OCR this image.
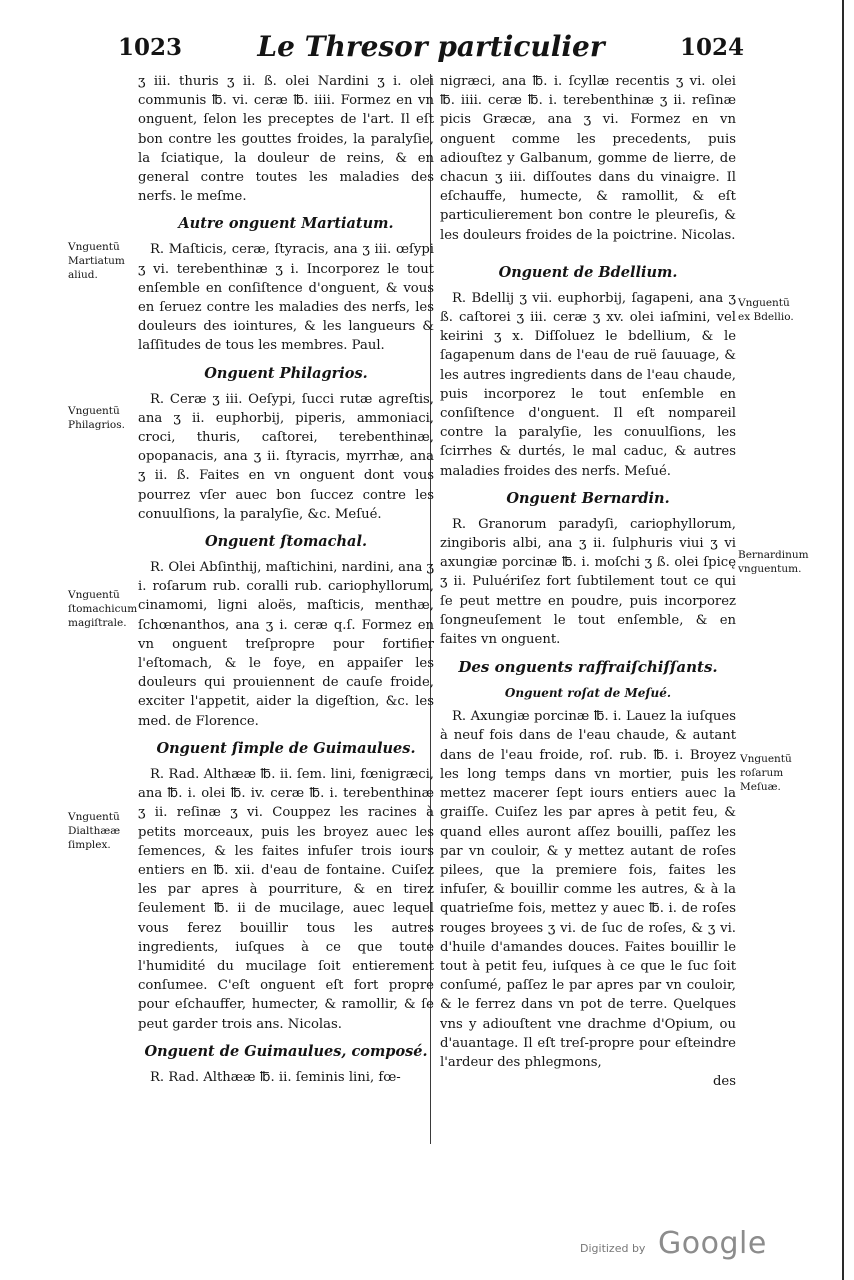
1023	Le Thresor particulier	1024

ʒ iii. thuris ʒ ii. ß. olei Nardini ʒ i. olei communis ℔. vi. ceræ ℔. iiii. Formez en vn onguent, ſelon les preceptes de l'art. Il eſt bon contre les gouttes froides, la paralyſie, la ſciatique, la douleur de reins, & en general contre toutes les maladies des nerfs. le meſme.

Autre onguent Martiatum.

R. Maſticis, ceræ, ſtyracis, ana ʒ iii. œſypi ʒ vi. terebenthinæ ʒ i. Incorporez le tout enſemble en conſiſtence d'onguent, & vous en ſeruez contre les maladies des nerfs, les douleurs des iointures, & les langueurs & laſſitudes de tous les membres. Paul.

Onguent Philagrios.

R. Ceræ ʒ iii. Oeſypi, ſucci rutæ agreſtis, ana ʒ ii. euphorbij, piperis, ammoniaci, croci, thuris, caſtorei, terebenthinæ, opopanacis, ana ʒ ii. ſtyracis, myrrhæ, ana ʒ ii. ß. Faites en vn onguent dont vous pourrez vſer auec bon ſuccez contre les conuulſions, la paralyſie, &c. Meſué.

Onguent ſtomachal.

R. Olei Abſinthij, maſtichini, nardini, ana ʒ i. roſarum rub. coralli rub. cariophyllorum, cinamomi, ligni aloës, maſticis, menthæ, ſchœnanthos, ana ʒ i. ceræ q.ſ. Formez en vn onguent treſpropre pour fortifier l'eſtomach, & le foye, en appaiſer les douleurs qui prouiennent de cauſe froide, exciter l'appetit, aider la digeſtion, &c. les med. de Florence.

Onguent ſimple de Guimaulues.

R. Rad. Althææ ℔. ii. ſem. lini, fœnigræci, ana ℔. i. olei ℔. iv. ceræ ℔. i. terebenthinæ ʒ ii. reſinæ ʒ vi. Couppez les racines à petits morceaux, puis les broyez auec les ſemences, & les faites infuſer trois iours entiers en ℔. xii. d'eau de fontaine. Cuiſez les par apres à pourriture, & en tirez ſeulement ℔. ii de mucilage, auec lequel vous ferez bouillir tous les autres ingredients, iuſques à ce que toute l'humidité du mucilage ſoit entierement conſumee. C'eſt onguent eſt fort propre pour eſchauffer, humecter, & ramollir, & ſe peut garder trois ans. Nicolas.

Onguent de Guimaulues, composé.

R. Rad. Althææ ℔. ii. ſeminis lini, fœ-

nigræci, ana ℔. i. ſcyllæ recentis ʒ vi. olei ℔. iiii. ceræ ℔. i. terebenthinæ ʒ ii. reſinæ picis Græcæ, ana ʒ vi. Formez en vn onguent comme les precedents, puis adiouſtez y Galbanum, gomme de lierre, de chacun ʒ iii. diſſoutes dans du vinaigre. Il eſchauffe, humecte, & ramollit, & eſt particulierement bon contre le pleureſis, & les douleurs froides de la poictrine. Nicolas.

Onguent de Bdellium.

R. Bdellij ʒ vii. euphorbij, ſagapeni, ana ʒ ß. caſtorei ʒ iii. ceræ ʒ xv. olei iaſmini, vel keirini ʒ x. Diſſoluez le bdellium, & le ſagapenum dans de l'eau de ruë ſauuage, & les autres ingredients dans de l'eau chaude, puis incorporez le tout enſemble en conſiſtence d'onguent. Il eſt nompareil contre la paralyſie, les conuulſions, les ſcirrhes & durtés, le mal caduc, & autres maladies froides des nerfs. Meſué.

Onguent Bernardin.

R. Granorum paradyſi, cariophyllorum, zingiboris albi, ana ʒ ii. ſulphuris viui ʒ vi axungiæ porcinæ ℔. i. moſchi ʒ ß. olei ſpicę ʒ ii. Puluériſez fort ſubtilement tout ce qui ſe peut mettre en poudre, puis incorporez ſongneuſement le tout enſemble, & en faites vn onguent.

Des onguents raffraiſchiſſants.
Onguent roſat de Meſué.

R. Axungiæ porcinæ ℔. i. Lauez la iuſques à neuf fois dans de l'eau chaude, & autant dans de l'eau froide, roſ. rub. ℔. i. Broyez les long temps dans vn mortier, puis les mettez macerer ſept iours entiers auec la graiſſe. Cuiſez les par apres à petit feu, & quand elles auront aſſez bouilli, paſſez les par vn couloir, & y mettez autant de roſes pilees, que la premiere fois, faites les infuſer, & bouillir comme les autres, & à la quatrieſme fois, mettez y auec ℔. i. de roſes rouges broyees ʒ vi. de ſuc de roſes, & ʒ vi. d'huile d'amandes douces. Faites bouillir le tout à petit feu, iuſques à ce que le ſuc ſoit conſumé, paſſez le par apres par vn couloir, & le ferrez dans vn pot de terre. Quelques vns y adiouſtent vne drachme d'Opium, ou d'auantage. Il eſt treſ-propre pour eſteindre l'ardeur des phlegmons,

des

Vnguentũ Martiatum aliud.
Vnguentũ Philagrios.
Vnguentũ ſtomachicum magiſtrale.
Vnguentũ Dialthææ ſimplex.
Vnguentũ ex Bdellio.
Bernardinum vnguentum.
Vnguentũ roſarum Meſuæ.
Digitized by Google
